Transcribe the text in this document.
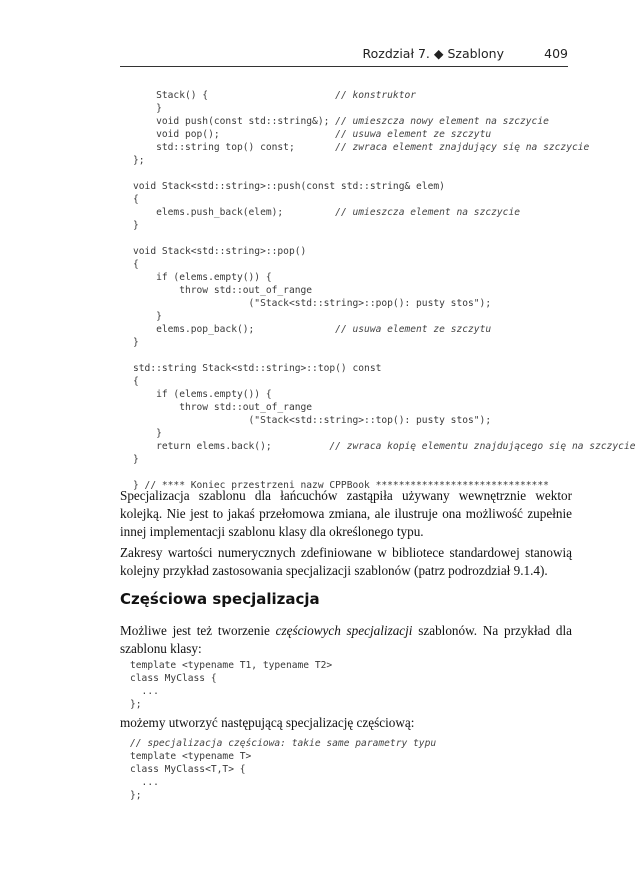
Rozdział 7. ◆ Szablony	409
Stack() {	// konstruktor
}
void push(const std::string&); // umieszcza nowy element na szczycie
void pop();	// usuwa element ze szczytu
std::string top() const;	// zwraca element znajdujący się na szczycie
};
void Stack<std::string>::push(const std::string& elem)
{
elems.push_back(elem);	// umieszcza element na szczycie
}
void Stack<std::string>::pop()
{
if (elems.empty()) {
throw std::out_of_range
("Stack<std::string>::pop(): pusty stos");
}
elems.pop_back();	// usuwa element ze szczytu
}
std::string Stack<std::string>::top() const
{
if (elems.empty()) {
throw std::out_of_range
("Stack<std::string>::top(): pusty stos");
}
return elems.back();	// zwraca kopię elementu znajdującego się na szczycie
}
} // **** Koniec przestrzeni nazw CPPBook ******************************

Specjalizacja szablonu dla łańcuchów zastąpiła używany wewnętrznie wektor kolejką. Nie jest to jakaś przełomowa zmiana, ale ilustruje ona możliwość zupełnie innej implementacji szablonu klasy dla określonego typu.

Zakresy wartości numerycznych zdefiniowane w bibliotece standardowej stanowią kolejny przykład zastosowania specjalizacji szablonów (patrz podrozdział 9.1.4).

Częściowa specjalizacja

Możliwe jest też tworzenie częściowych specjalizacji szablonów. Na przykład dla szablonu klasy:

template <typename T1, typename T2>
class MyClass {
...
};

możemy utworzyć następującą specjalizację częściową:

// specjalizacja częściowa: takie same parametry typu
template <typename T>
class MyClass<T,T> {
...
};
